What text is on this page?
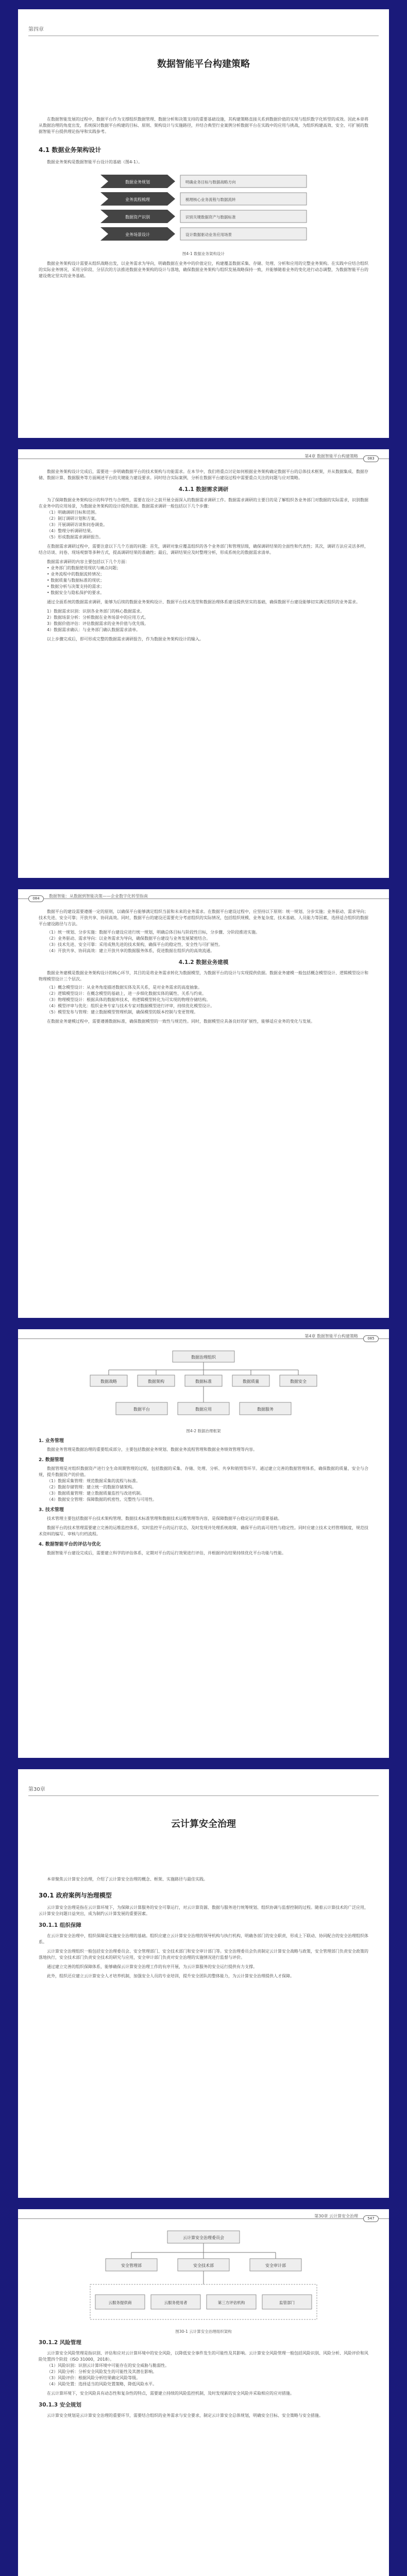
第四章
数据智能平台构建策略
在数据智能发展的过程中，数据平台作为支撑组织数据管理、数据分析和决策支持的重要基础设施，其构建策略直接关系到数据价值的实现与组织数字化转型的成效。因此本章将从数据治理的角度出发，系统探讨数据平台构建的目标、原则、架构设计与实施路径，并结合典型行业案例分析数据平台在实践中的应用与挑战，为组织构建高效、安全、可扩展的数据智能平台提供理论指导和实践参考。
4.1 数据业务架构设计
数据业务架构是数据智能平台设计的基础（图4-1）。
数据业务规划	明确业务目标与数据战略方向
业务流程梳理	梳理核心业务流程与数据流转
数据资产识别	识别关键数据资产与数据标准
业务场景设计	设计数据驱动业务应用场景
图4-1 数据业务架构设计
数据业务架构设计需要从组织战略出发，以业务需求为导向，明确数据在业务中的价值定位，构建覆盖数据采集、存储、处理、分析和应用的完整业务架构。在实践中应结合组织的实际业务情况，采用分阶段、分层次的方法推进数据业务架构的设计与落地，确保数据业务架构与组织发展战略保持一致，并能够随着业务的变化进行动态调整，为数据智能平台的建设奠定坚实的业务基础。
第4章 数据智能平台构建策略	083
数据业务架构设计完成后，需要进一步明确数据平台的技术架构与功能需求。在本节中，我们将重点讨论如何根据业务架构确定数据平台的总体技术框架，并从数据集成、数据存储、数据计算、数据服务等方面阐述平台的关键能力建设要求。同时结合实际案例，分析在数据平台建设过程中需要重点关注的问题与应对策略。
4.1.1 数据需求调研
为了保障数据业务架构设计的科学性与合理性，需要在设计之前开展全面深入的数据需求调研工作。数据需求调研的主要目的是了解组织各业务部门对数据的实际需求，识别数据在业务中的应用场景，为数据业务架构的设计提供依据。数据需求调研一般包括以下几个步骤：
（1）明确调研目标和范围。
（2）制订调研计划和方案。
（3）开展调研访谈和问卷调查。
（4）整理分析调研结果。
（5）形成数据需求调研报告。
在数据需求调研过程中，需要注意以下几个方面的问题：首先，调研对象应覆盖组织的各个业务部门和管理层级，确保调研结果的全面性和代表性；其次，调研方法应灵活多样，结合访谈、问卷、现场观察等多种方式，提高调研结果的准确性；最后，调研结果应及时整理分析，形成系统化的数据需求清单。
数据需求调研的内容主要包括以下几个方面：
• 业务部门的数据使用现状与痛点问题；
• 业务流程中的数据流转情况；
• 数据质量与数据标准的现状；
• 数据分析与决策支持的需求；
• 数据安全与隐私保护的要求。
通过全面系统的数据需求调研，能够为后续的数据业务架构设计、数据平台技术选型和数据治理体系建设提供坚实的基础，确保数据平台建设能够切实满足组织的业务需求。
1）数据需求识别：识别各业务部门的核心数据需求。
2）数据场景分析：分析数据在业务场景中的应用方式。
3）数据价值评估：评估数据需求的业务价值与优先级。
4）数据需求确认：与业务部门确认数据需求清单。
以上步骤完成后，即可形成完整的数据需求调研报告，作为数据业务架构设计的输入。
084	数据智能：从数据到智能决策——企业数字化转型指南
数据平台的建设需要遵循一定的原则，以确保平台能够满足组织当前和未来的业务需求。在数据平台建设过程中，应坚持以下原则：统一规划、分步实施；业务驱动、需求导向；技术先进、安全可靠；开放共享、协同高效。同时，数据平台的建设还需要充分考虑组织的实际情况，包括组织规模、业务复杂度、技术基础、人员能力等因素，选择适合组织的数据平台建设路径与方法。
（1）统一规划、分步实施：数据平台建设应进行统一规划，明确总体目标与阶段性目标，分步骤、分阶段推进实施。
（2）业务驱动、需求导向：以业务需求为导向，确保数据平台建设与业务发展紧密结合。
（3）技术先进、安全可靠：采用成熟先进的技术架构，确保平台的稳定性、安全性与可扩展性。
（4）开放共享、协同高效：建立开放共享的数据服务体系，促进数据在组织内的高效流通。
4.1.2 数据业务建模
数据业务建模是数据业务架构设计的核心环节，其目的是将业务需求转化为数据模型，为数据平台的设计与实现提供依据。数据业务建模一般包括概念模型设计、逻辑模型设计和物理模型设计三个层次。
（1）概念模型设计：从业务角度描述数据实体及其关系，是对业务需求的高度抽象。
（2）逻辑模型设计：在概念模型的基础上，进一步细化数据实体的属性、关系与约束。
（3）物理模型设计：根据具体的数据库技术，将逻辑模型转化为可实现的物理存储结构。
（4）模型评审与优化：组织业务专家与技术专家对数据模型进行评审，持续优化模型设计。
（5）模型发布与管理：建立数据模型管理机制，确保模型的版本控制与变更管理。
在数据业务建模过程中，需要遵循数据标准，确保数据模型的一致性与规范性。同时，数据模型应具备良好的扩展性，能够适应业务的变化与发展。
第4章 数据智能平台构建策略	085
数据治理组织
数据战略	数据架构	数据标准	数据质量	数据安全
数据平台	数据应用	数据服务
图4-2 数据治理框架
1. 业务管理
数据业务管理是数据治理的重要组成部分，主要包括数据业务规划、数据业务流程管理和数据业务绩效管理等内容。
2. 数据管理
数据管理是对组织数据资产进行全生命周期管理的过程，包括数据的采集、存储、处理、分析、共享和销毁等环节。通过建立完善的数据管理体系，确保数据的质量、安全与合规，提升数据资产的价值。
（1）数据采集管理：规范数据采集的流程与标准。
（2）数据存储管理：建立统一的数据存储架构。
（3）数据质量管理：建立数据质量监控与改进机制。
（4）数据安全管理：保障数据的机密性、完整性与可用性。
3. 技术管理
技术管理主要包括数据平台技术架构管理、数据技术标准管理和数据技术运维管理等内容，是保障数据平台稳定运行的重要基础。
数据平台的技术管理需要建立完善的运维监控体系，实时监控平台的运行状态，及时发现并处理系统故障，确保平台的高可用性与稳定性。同时应建立技术文档管理制度，规范技术资料的编写、审核与归档流程。
4. 数据智能平台的评估与优化
数据智能平台建设完成后，需要建立科学的评估体系，定期对平台的运行效果进行评估，并根据评估结果持续优化平台功能与性能。
第30章
云计算安全治理
本章聚焦云计算安全治理，介绍了云计算安全治理的概念、框架、实施路径与最佳实践。
30.1 政府案例与治理模型
云计算安全治理是指在云计算环境下，为保障云计算服务的安全可靠运行，对云计算资源、数据与服务进行统筹规划、组织协调与监督控制的过程。随着云计算技术的广泛应用，云计算安全问题日益突出，成为制约云计算发展的重要因素。
30.1.1 组织保障
在云计算安全治理中，组织保障是实施安全治理的基础。组织应建立云计算安全治理的领导机构与执行机构，明确各部门的安全职责，形成上下联动、协同配合的安全治理组织体系。
云计算安全治理组织一般包括安全治理委员会、安全管理部门、安全技术部门和安全审计部门等。安全治理委员会负责制定云计算安全战略与政策，安全管理部门负责安全政策的落地执行，安全技术部门负责安全技术的研究与应用，安全审计部门负责对安全治理的实施情况进行监督与评价。
通过建立完善的组织保障体系，能够确保云计算安全治理工作的有序开展，为云计算服务的安全运行提供有力支撑。
此外，组织还应建立云计算安全人才培养机制，加强安全人员的专业培训，提升安全团队的整体能力，为云计算安全治理提供人才保障。
第30章 云计算安全治理	547
云计算安全治理委员会
安全管理部	安全技术部	安全审计部
云服务提供商	云服务使用者	第三方评估机构	监管部门
图30-1 云计算安全治理组织架构
30.1.2 风险管理
云计算安全风险管理是指识别、评估和应对云计算环境中的安全风险，以降低安全事件发生的可能性及其影响。云计算安全风险管理一般包括风险识别、风险分析、风险评价和风险处置四个阶段（ISO 31000，2018）。
（1）风险识别：识别云计算环境中可能存在的安全威胁与脆弱性。
（2）风险分析：分析安全风险发生的可能性及其潜在影响。
（3）风险评价：根据风险分析结果确定风险等级。
（4）风险处置：选择适当的风险处置策略，降低风险水平。
在云计算环境下，安全风险具有动态性和复杂性的特点，需要建立持续的风险监控机制，及时发现新的安全风险并采取相应的应对措施。
30.1.3 安全规划
云计算安全规划是云计算安全治理的重要环节，需要结合组织的业务需求与安全要求，制定云计算安全总体规划，明确安全目标、安全策略与安全措施。
